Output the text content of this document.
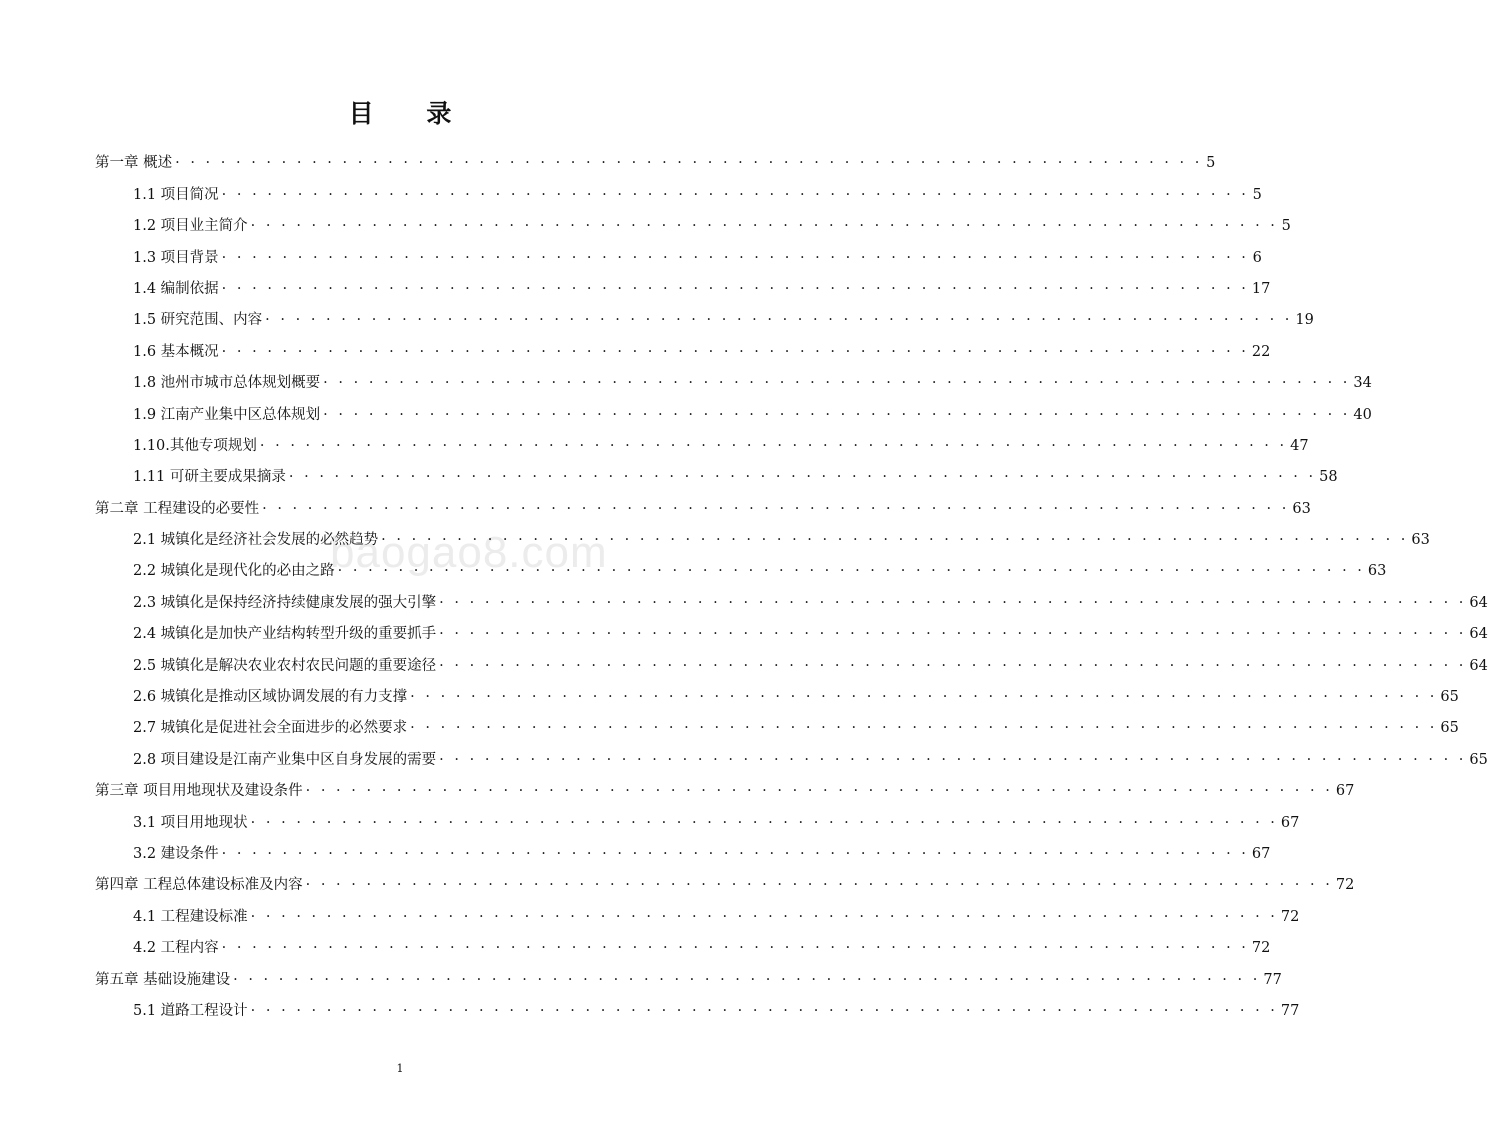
目 录
baogao8.com
第一章 概述 · · · · · · · · · · · · · · · · · · · · · · · · · · · · · · · · · · · · · · · · · · · · · · · · · · · · · · · · · · · · · · · · · · · · 5
1.1 项目简况 · · · · · · · · · · · · · · · · · · · · · · · · · · · · · · · · · · · · · · · · · · · · · · · · · · · · · · · · · · · · · · · · · · · · 5
1.2 项目业主简介 · · · · · · · · · · · · · · · · · · · · · · · · · · · · · · · · · · · · · · · · · · · · · · · · · · · · · · · · · · · · · · · · · · · · 5
1.3 项目背景 · · · · · · · · · · · · · · · · · · · · · · · · · · · · · · · · · · · · · · · · · · · · · · · · · · · · · · · · · · · · · · · · · · · · 6
1.4 编制依据 · · · · · · · · · · · · · · · · · · · · · · · · · · · · · · · · · · · · · · · · · · · · · · · · · · · · · · · · · · · · · · · · · · · · 17
1.5 研究范围、内容 · · · · · · · · · · · · · · · · · · · · · · · · · · · · · · · · · · · · · · · · · · · · · · · · · · · · · · · · · · · · · · · · · · · · 19
1.6 基本概况 · · · · · · · · · · · · · · · · · · · · · · · · · · · · · · · · · · · · · · · · · · · · · · · · · · · · · · · · · · · · · · · · · · · · 22
1.8 池州市城市总体规划概要 · · · · · · · · · · · · · · · · · · · · · · · · · · · · · · · · · · · · · · · · · · · · · · · · · · · · · · · · · · · · · · · · · · · · 34
1.9 江南产业集中区总体规划 · · · · · · · · · · · · · · · · · · · · · · · · · · · · · · · · · · · · · · · · · · · · · · · · · · · · · · · · · · · · · · · · · · · · 40
1.10.其他专项规划 · · · · · · · · · · · · · · · · · · · · · · · · · · · · · · · · · · · · · · · · · · · · · · · · · · · · · · · · · · · · · · · · · · · · 47
1.11 可研主要成果摘录 · · · · · · · · · · · · · · · · · · · · · · · · · · · · · · · · · · · · · · · · · · · · · · · · · · · · · · · · · · · · · · · · · · · · 58
第二章 工程建设的必要性 · · · · · · · · · · · · · · · · · · · · · · · · · · · · · · · · · · · · · · · · · · · · · · · · · · · · · · · · · · · · · · · · · · · · 63
2.1 城镇化是经济社会发展的必然趋势 · · · · · · · · · · · · · · · · · · · · · · · · · · · · · · · · · · · · · · · · · · · · · · · · · · · · · · · · · · · · · · · · · · · · 63
2.2 城镇化是现代化的必由之路 · · · · · · · · · · · · · · · · · · · · · · · · · · · · · · · · · · · · · · · · · · · · · · · · · · · · · · · · · · · · · · · · · · · · 63
2.3 城镇化是保持经济持续健康发展的强大引擎 · · · · · · · · · · · · · · · · · · · · · · · · · · · · · · · · · · · · · · · · · · · · · · · · · · · · · · · · · · · · · · · · · · · · 64
2.4 城镇化是加快产业结构转型升级的重要抓手 · · · · · · · · · · · · · · · · · · · · · · · · · · · · · · · · · · · · · · · · · · · · · · · · · · · · · · · · · · · · · · · · · · · · 64
2.5 城镇化是解决农业农村农民问题的重要途径 · · · · · · · · · · · · · · · · · · · · · · · · · · · · · · · · · · · · · · · · · · · · · · · · · · · · · · · · · · · · · · · · · · · · 64
2.6 城镇化是推动区域协调发展的有力支撑 · · · · · · · · · · · · · · · · · · · · · · · · · · · · · · · · · · · · · · · · · · · · · · · · · · · · · · · · · · · · · · · · · · · · 65
2.7 城镇化是促进社会全面进步的必然要求 · · · · · · · · · · · · · · · · · · · · · · · · · · · · · · · · · · · · · · · · · · · · · · · · · · · · · · · · · · · · · · · · · · · · 65
2.8 项目建设是江南产业集中区自身发展的需要 · · · · · · · · · · · · · · · · · · · · · · · · · · · · · · · · · · · · · · · · · · · · · · · · · · · · · · · · · · · · · · · · · · · · 65
第三章 项目用地现状及建设条件 · · · · · · · · · · · · · · · · · · · · · · · · · · · · · · · · · · · · · · · · · · · · · · · · · · · · · · · · · · · · · · · · · · · · 67
3.1 项目用地现状 · · · · · · · · · · · · · · · · · · · · · · · · · · · · · · · · · · · · · · · · · · · · · · · · · · · · · · · · · · · · · · · · · · · · 67
3.2 建设条件 · · · · · · · · · · · · · · · · · · · · · · · · · · · · · · · · · · · · · · · · · · · · · · · · · · · · · · · · · · · · · · · · · · · · 67
第四章 工程总体建设标准及内容 · · · · · · · · · · · · · · · · · · · · · · · · · · · · · · · · · · · · · · · · · · · · · · · · · · · · · · · · · · · · · · · · · · · · 72
4.1 工程建设标准 · · · · · · · · · · · · · · · · · · · · · · · · · · · · · · · · · · · · · · · · · · · · · · · · · · · · · · · · · · · · · · · · · · · · 72
4.2 工程内容 · · · · · · · · · · · · · · · · · · · · · · · · · · · · · · · · · · · · · · · · · · · · · · · · · · · · · · · · · · · · · · · · · · · · 72
第五章 基础设施建设 · · · · · · · · · · · · · · · · · · · · · · · · · · · · · · · · · · · · · · · · · · · · · · · · · · · · · · · · · · · · · · · · · · · · 77
5.1 道路工程设计 · · · · · · · · · · · · · · · · · · · · · · · · · · · · · · · · · · · · · · · · · · · · · · · · · · · · · · · · · · · · · · · · · · · · 77
1
